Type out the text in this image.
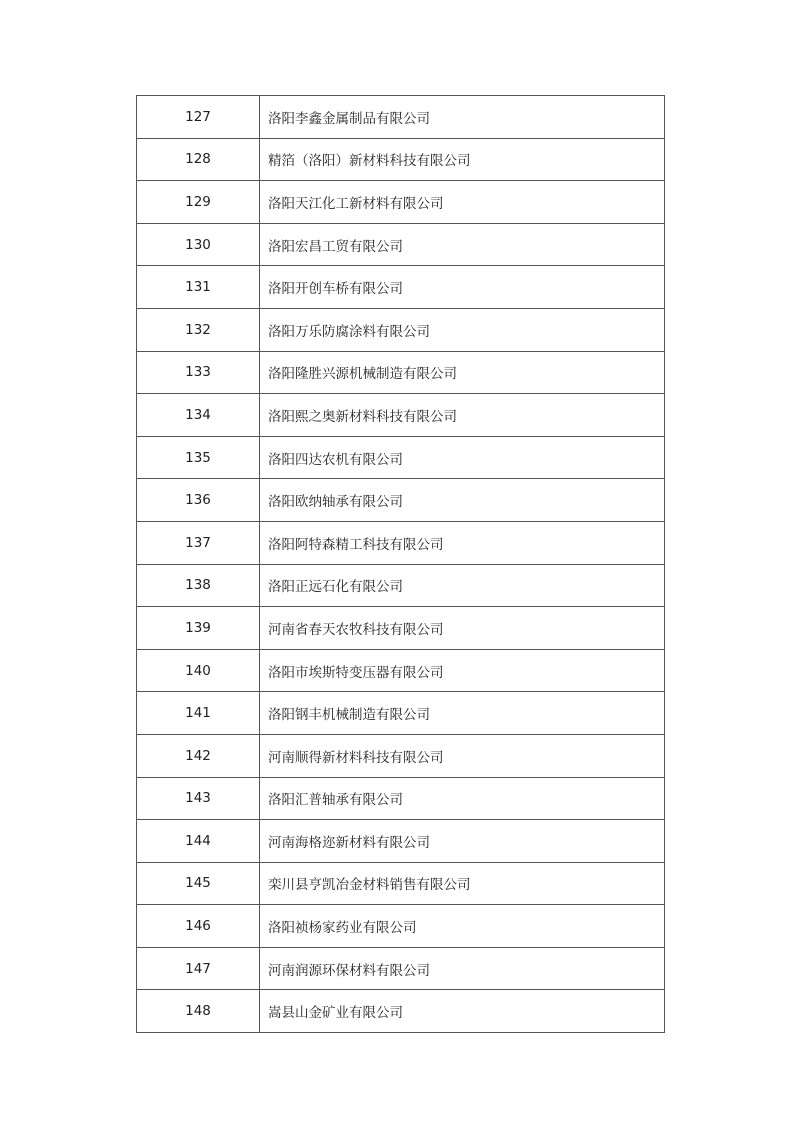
127	洛阳李鑫金属制品有限公司
128	精箔（洛阳）新材料科技有限公司
129	洛阳天江化工新材料有限公司
130	洛阳宏昌工贸有限公司
131	洛阳开创车桥有限公司
132	洛阳万乐防腐涂料有限公司
133	洛阳隆胜兴源机械制造有限公司
134	洛阳熙之奥新材料科技有限公司
135	洛阳四达农机有限公司
136	洛阳欧纳轴承有限公司
137	洛阳阿特森精工科技有限公司
138	洛阳正远石化有限公司
139	河南省春天农牧科技有限公司
140	洛阳市埃斯特变压器有限公司
141	洛阳钢丰机械制造有限公司
142	河南顺得新材料科技有限公司
143	洛阳汇普轴承有限公司
144	河南海格迩新材料有限公司
145	栾川县亨凯冶金材料销售有限公司
146	洛阳祯杨家药业有限公司
147	河南润源环保材料有限公司
148	嵩县山金矿业有限公司
